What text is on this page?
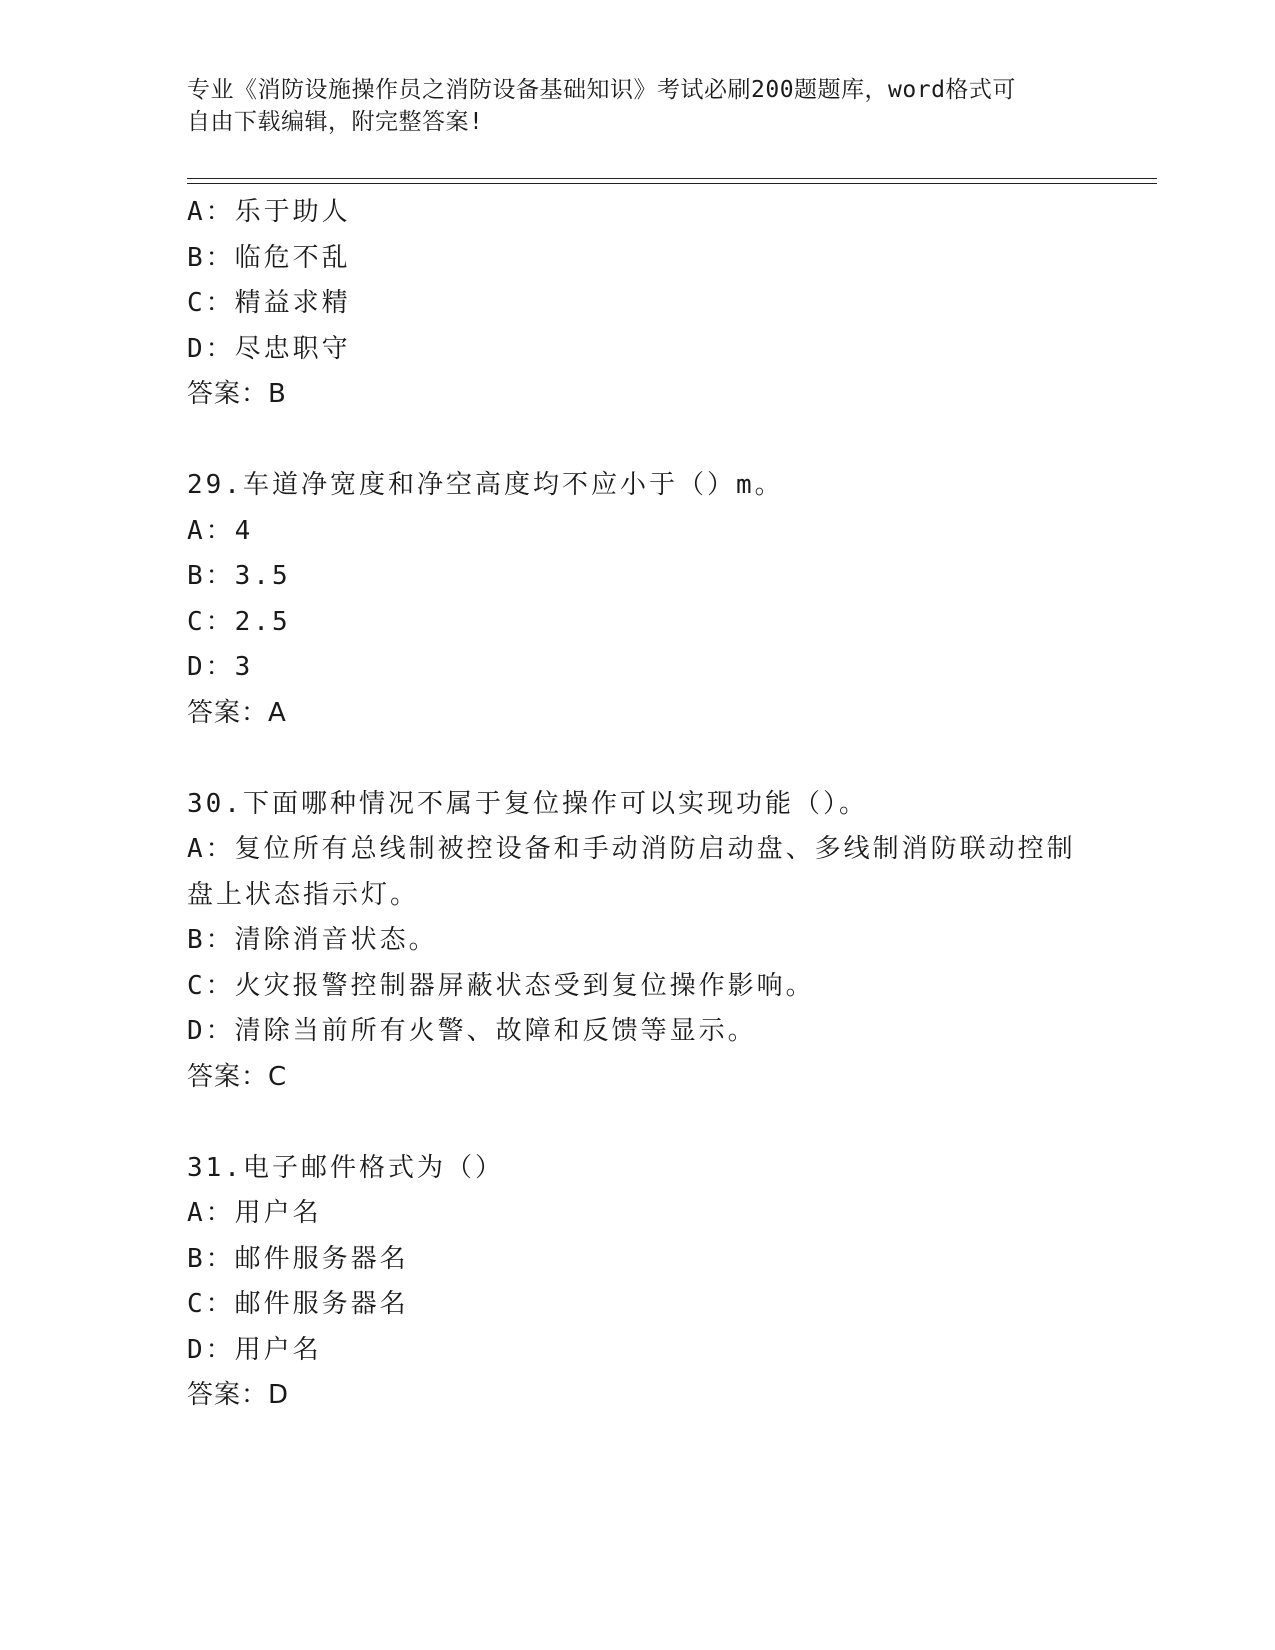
专业《消防设施操作员之消防设备基础知识》考试必刷200题题库，word格式可
自由下载编辑，附完整答案!
A：乐于助人
B：临危不乱
C：精益求精
D：尽忠职守
答案：B
29.车道净宽度和净空高度均不应小于（）m。
A：4
B：3.5
C：2.5
D：3
答案：A
30.下面哪种情况不属于复位操作可以实现功能（）。
A：复位所有总线制被控设备和手动消防启动盘、多线制消防联动控制
盘上状态指示灯。
B：清除消音状态。
C：火灾报警控制器屏蔽状态受到复位操作影响。
D：清除当前所有火警、故障和反馈等显示。
答案：C
31.电子邮件格式为（）
A：用户名
B：邮件服务器名
C：邮件服务器名
D：用户名
答案：D
